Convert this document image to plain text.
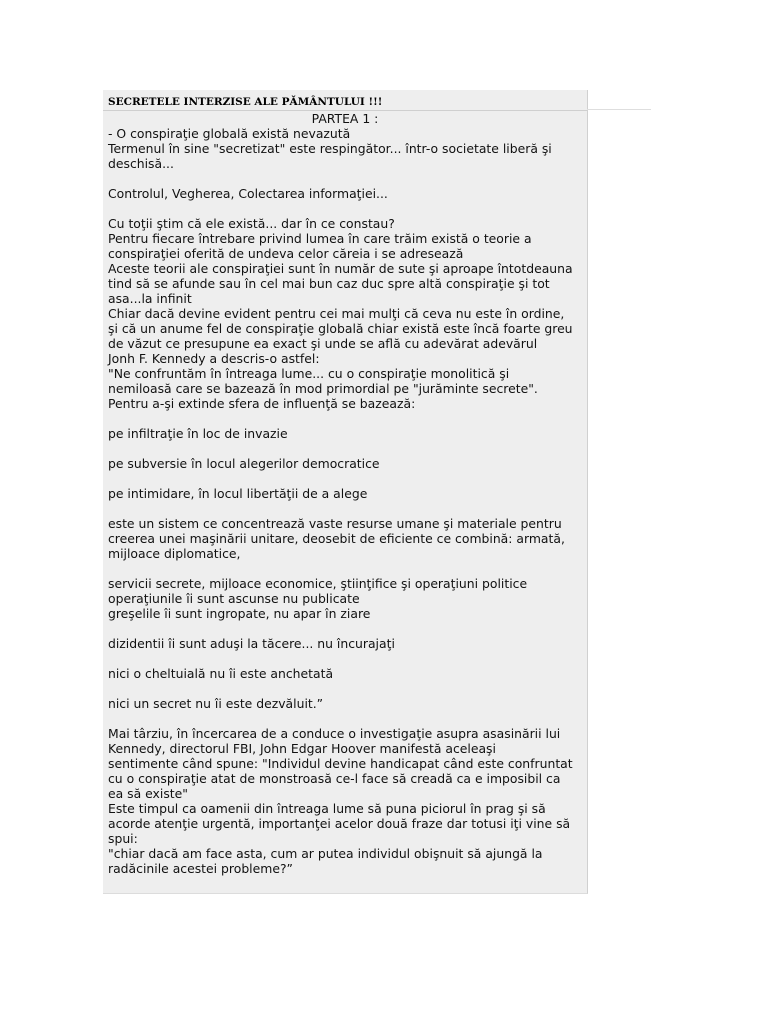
SECRETELE INTERZISE ALE PĂMÂNTULUI !!!
PARTEA 1 :
- O conspiraţie globală există nevazută
Termenul în sine "secretizat" este respingător... într-o societate liberă şi
deschisă...
Controlul, Vegherea, Colectarea informaţiei...
Cu toţii ştim că ele există... dar în ce constau?
Pentru fiecare întrebare privind lumea în care trăim există o teorie a
conspiraţiei oferită de undeva celor căreia i se adresează
Aceste teorii ale conspiraţiei sunt în număr de sute şi aproape întotdeauna
tind să se afunde sau în cel mai bun caz duc spre altă conspiraţie şi tot
asa...la infinit
Chiar dacă devine evident pentru cei mai mulţi că ceva nu este în ordine,
şi că un anume fel de conspiraţie globală chiar există este încă foarte greu
de văzut ce presupune ea exact şi unde se află cu adevărat adevărul
Jonh F. Kennedy a descris-o astfel:
"Ne confruntăm în întreaga lume... cu o conspiraţie monolitică şi
nemiloasă care se bazează în mod primordial pe "jurăminte secrete".
Pentru a-şi extinde sfera de influenţă se bazează:
pe infiltraţie în loc de invazie
pe subversie în locul alegerilor democratice
pe intimidare, în locul libertăţii de a alege
este un sistem ce concentrează vaste resurse umane şi materiale pentru
creerea unei maşinării unitare, deosebit de eficiente ce combină: armată,
mijloace diplomatice,
servicii secrete, mijloace economice, ştiinţifice şi operaţiuni politice
operaţiunile îi sunt ascunse nu publicate
greşelile îi sunt ingropate, nu apar în ziare
dizidentii îi sunt aduşi la tăcere... nu încurajaţi
nici o cheltuială nu îi este anchetată
nici un secret nu îi este dezvăluit.”
Mai târziu, în încercarea de a conduce o investigaţie asupra asasinării lui
Kennedy, directorul FBI, John Edgar Hoover manifestă aceleaşi
sentimente când spune: "Individul devine handicapat când este confruntat
cu o conspiraţie atat de monstroasă ce-l face să creadă ca e imposibil ca
ea să existe"
Este timpul ca oamenii din întreaga lume să puna piciorul în prag şi să
acorde atenţie urgentă, importanţei acelor două fraze dar totusi iţi vine să
spui:
"chiar dacă am face asta, cum ar putea individul obişnuit să ajungă la
radăcinile acestei probleme?”
